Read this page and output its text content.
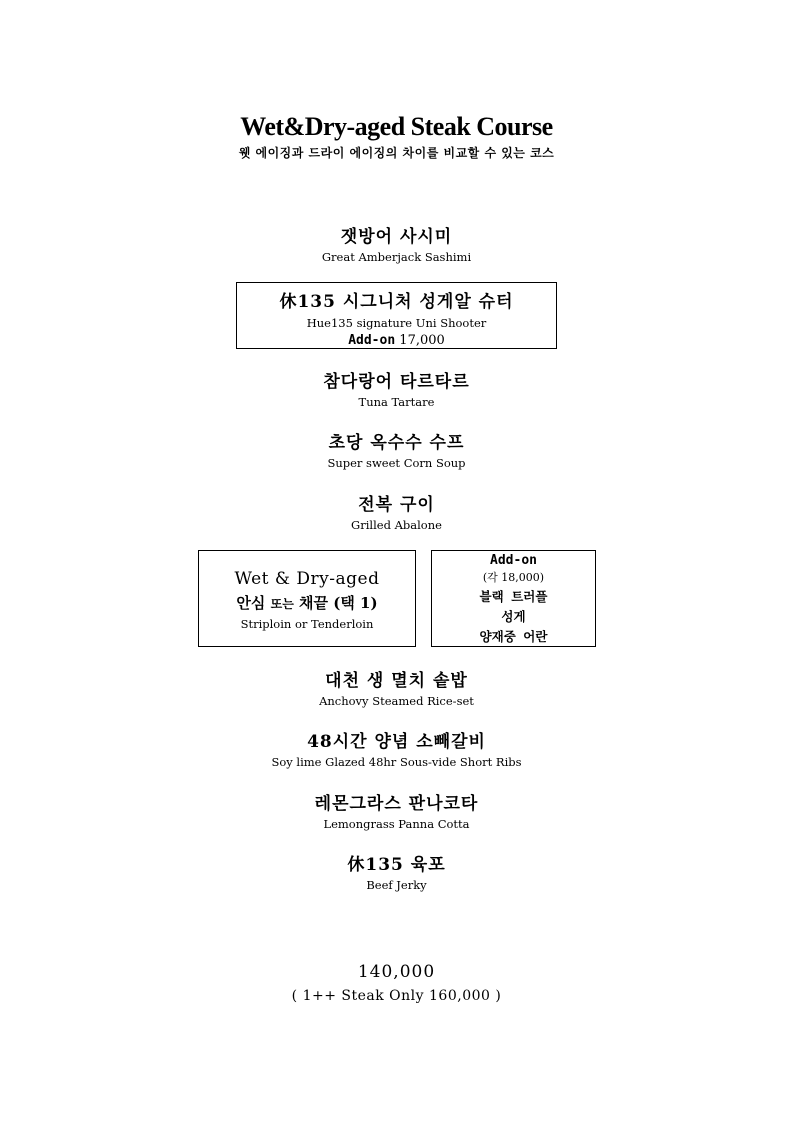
Wet&Dry-aged Steak Course
웻 에이징과 드라이 에이징의 차이를 비교할 수 있는 코스
잿방어 사시미
Great Amberjack Sashimi
休135 시그니처 성게알 슈터
Hue135 signature Uni Shooter
Add-on 17,000
참다랑어 타르타르
Tuna Tartare
초당 옥수수 수프
Super sweet Corn Soup
전복 구이
Grilled Abalone
Wet & Dry-aged
안심 또는 채끝 (택 1)
Striploin or Tenderloin
Add-on
(각 18,000)
블랙 트러플
성게
양재중 어란
대천 생 멸치 솥밥
Anchovy Steamed Rice-set
48시간 양념 소빼갈비
Soy lime Glazed 48hr Sous-vide Short Ribs
레몬그라스 판나코타
Lemongrass Panna Cotta
休135 육포
Beef Jerky
140,000
( 1++ Steak Only 160,000 )
